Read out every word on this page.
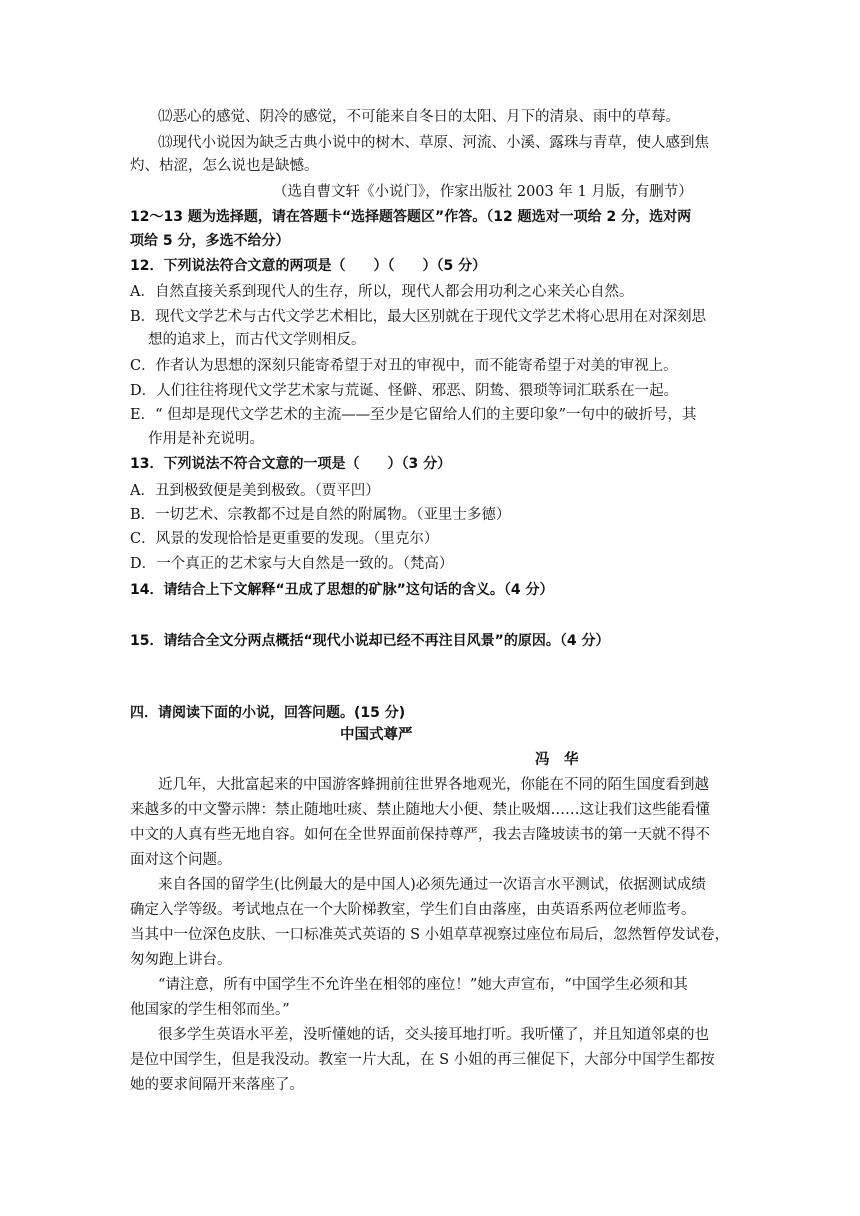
⑿恶心的感觉、阴冷的感觉，不可能来自冬日的太阳、月下的清泉、雨中的草莓。
⒀现代小说因为缺乏古典小说中的树木、草原、河流、小溪、露珠与青草，使人感到焦
灼、枯涩，怎么说也是缺憾。
（选自曹文轩《小说门》，作家出版社 2003 年 1 月版，有删节）
12～13 题为选择题，请在答题卡“选择题答题区”作答。（12 题选对一项给 2 分，选对两
项给 5 分，多选不给分）
12．下列说法符合文意的两项是（　　）（　　）（5 分）
A．自然直接关系到现代人的生存，所以，现代人都会用功利之心来关心自然。
B．现代文学艺术与古代文学艺术相比，最大区别就在于现代文学艺术将心思用在对深刻思
想的追求上，而古代文学则相反。
C．作者认为思想的深刻只能寄希望于对丑的审视中，而不能寄希望于对美的审视上。
D．人们往往将现代文学艺术家与荒诞、怪僻、邪恶、阴鸷、猥琐等词汇联系在一起。
E．“ 但却是现代文学艺术的主流——至少是它留给人们的主要印象”一句中的破折号，其
作用是补充说明。
13．下列说法不符合文意的一项是（　　）（3 分）
A．丑到极致便是美到极致。（贾平凹）
B．一切艺术、宗教都不过是自然的附属物。（亚里士多德）
C．风景的发现恰恰是更重要的发现。（里克尔）
D．一个真正的艺术家与大自然是一致的。（梵高）
14．请结合上下文解释“丑成了思想的矿脉”这句话的含义。（4 分）
15．请结合全文分两点概括“现代小说却已经不再注目风景”的原因。（4 分）
四．请阅读下面的小说，回答问题。(15 分)
中国式尊严
冯　华
近几年，大批富起来的中国游客蜂拥前往世界各地观光，你能在不同的陌生国度看到越
来越多的中文警示牌：禁止随地吐痰、禁止随地大小便、禁止吸烟……这让我们这些能看懂
中文的人真有些无地自容。如何在全世界面前保持尊严，我去吉隆坡读书的第一天就不得不
面对这个问题。
来自各国的留学生(比例最大的是中国人)必须先通过一次语言水平测试，依据测试成绩
确定入学等级。考试地点在一个大阶梯教室，学生们自由落座，由英语系两位老师监考。
当其中一位深色皮肤、一口标准英式英语的 S 小姐草草视察过座位布局后，忽然暂停发试卷，
匆匆跑上讲台。
“请注意，所有中国学生不允许坐在相邻的座位！”她大声宣布，“中国学生必须和其
他国家的学生相邻而坐。”
很多学生英语水平差，没听懂她的话，交头接耳地打听。我听懂了，并且知道邻桌的也
是位中国学生，但是我没动。教室一片大乱，在 S 小姐的再三催促下，大部分中国学生都按
她的要求间隔开来落座了。
